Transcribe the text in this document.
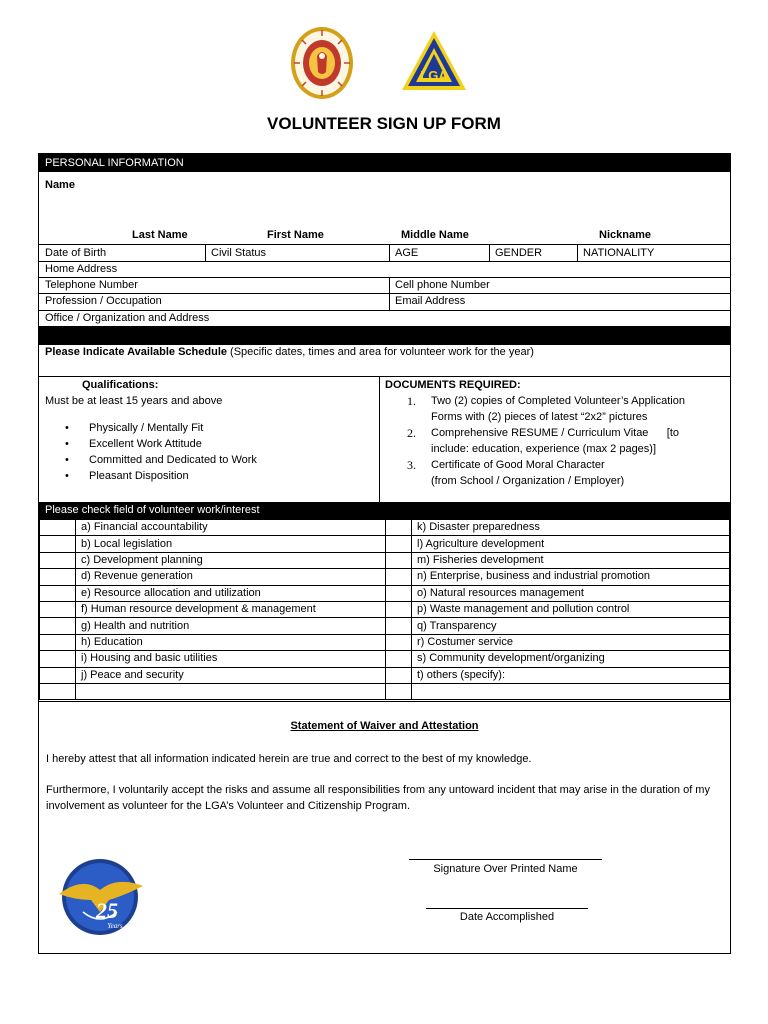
LGA
VOLUNTEER SIGN UP FORM
PERSONAL INFORMATION
Name
Last Name	First Name	Middle Name	Nickname
Date of Birth	Civil Status	AGE	GENDER	NATIONALITY
Home Address
Telephone Number	Cell phone Number
Profession / Occupation	Email Address
Office / Organization and Address
Please Indicate Available Schedule (Specific dates, times and area for volunteer work for the year)
Qualifications:
Must be at least 15 years and above
• Physically / Mentally Fit
• Excellent Work Attitude
• Committed and Dedicated to Work
• Pleasant Disposition
DOCUMENTS REQUIRED:
1. Two (2) copies of Completed Volunteer’s Application
Forms with (2) pieces of latest “2x2” pictures
2. Comprehensive RESUME / Curriculum Vitae      [to
include: education, experience (max 2 pages)]
3. Certificate of Good Moral Character
(from School / Organization / Employer)
Please check field of volunteer work/interest
	a) Financial accountability		k) Disaster preparedness
	b) Local legislation		l) Agriculture development
	c) Development planning		m) Fisheries development
	d) Revenue generation		n) Enterprise, business and industrial promotion
	e) Resource allocation and utilization		o) Natural resources management
	f) Human resource development & management		p) Waste management and pollution control
	g) Health and nutrition		q) Transparency
	h) Education		r) Costumer service
	i) Housing and basic utilities		s) Community development/organizing
	j) Peace and security		t) others (specify):

Statement of Waiver and Attestation
I hereby attest that all information indicated herein are true and correct to the best of my knowledge.
Furthermore, I voluntarily accept the risks and assume all responsibilities from any untoward incident that may arise in the duration of my involvement as volunteer for the LGA’s Volunteer and Citizenship Program.
Signature Over Printed Name
Date Accomplished
25
Years
